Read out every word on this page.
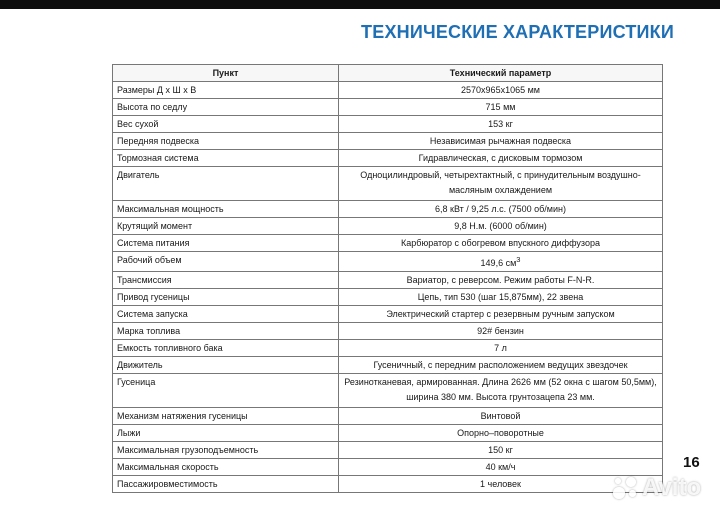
ТЕХНИЧЕСКИЕ ХАРАКТЕРИСТИКИ
Пункт	Технический параметр
Размеры Д х Ш х В	2570x965x1065 мм
Высота по седлу	715 мм
Вес сухой	153 кг
Передняя подвеска	Независимая рычажная подвеска
Тормозная система	Гидравлическая, с дисковым тормозом
Двигатель	Одноцилиндровый, четырехтактный, с принудительным воздушно-масляным охлаждением
Максимальная мощность	6,8 кВт / 9,25 л.с. (7500 об/мин)
Крутящий момент	9,8 Н.м. (6000 об/мин)
Система питания	Карбюратор с обогревом впускного диффузора
Рабочий объем	149,6 $см^3$
Трансмиссия	Вариатор, с реверсом. Режим работы F-N-R.
Привод гусеницы	Цепь, тип 530 (шаг 15,875мм), 22 звена
Система запуска	Электрический стартер с резервным ручным запуском
Марка топлива	92# бензин
Емкость топливного бака	7 л
Движитель	Гусеничный, с передним расположением ведущих звездочек
Гусеница	Резинотканевая, армированная. Длина 2626 мм (52 окна с шагом 50,5мм), ширина 380 мм. Высота грунтозацепа 23 мм.
Механизм натяжения гусеницы	Винтовой
Лыжи	Опорно–поворотные
Максимальная грузоподъемность	150 кг
Максимальная скорость	40 км/ч
Пассажировместимость	1 человек
16
Avito
